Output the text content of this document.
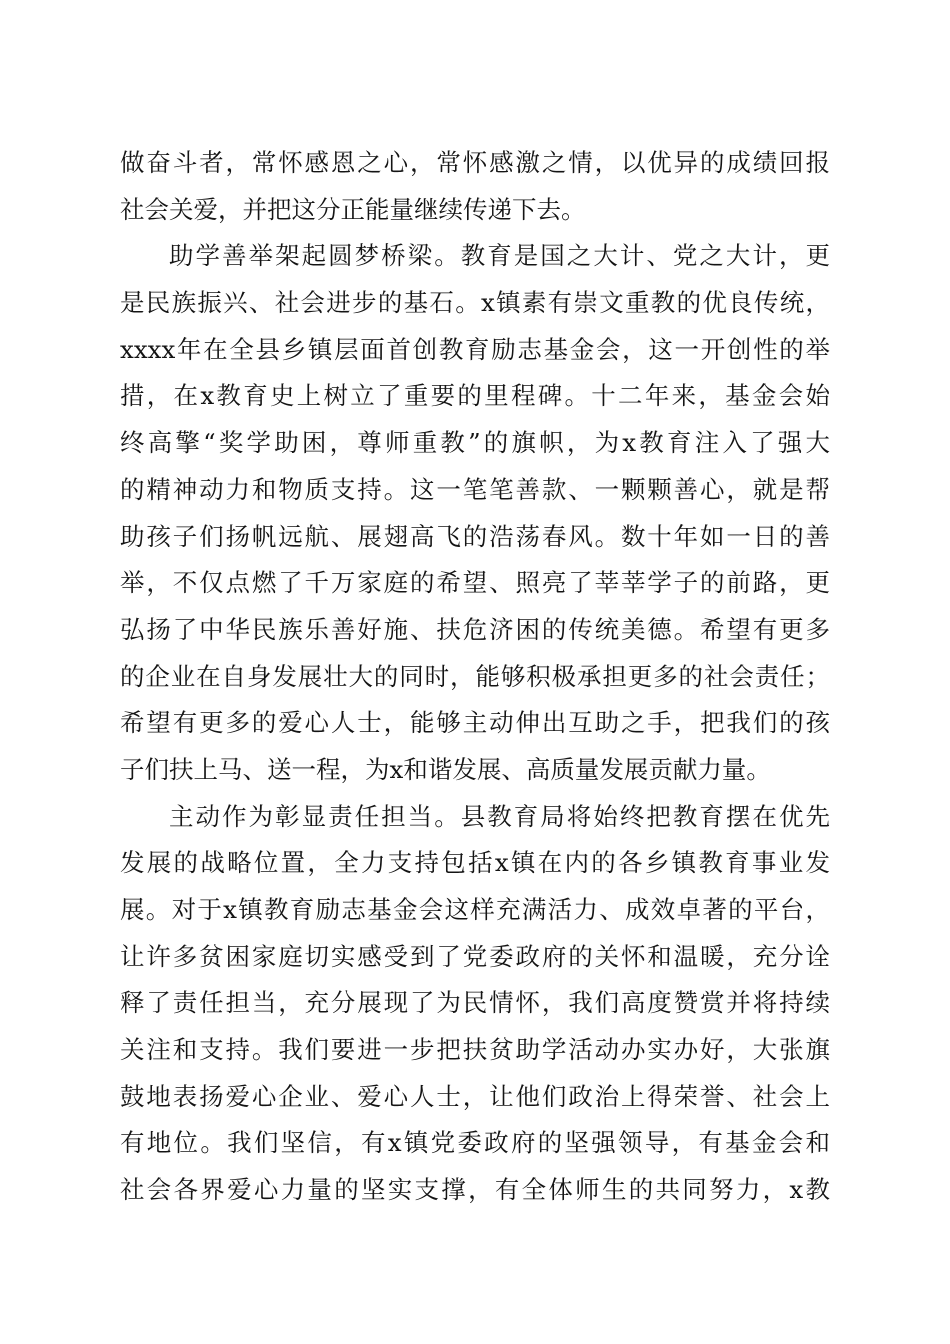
做奋斗者，常怀感恩之心，常怀感激之情，以优异的成绩回报
社会关爱，并把这分正能量继续传递下去。
助学善举架起圆梦桥梁。教育是国之大计、党之大计，更
是民族振兴、社会进步的基石。x镇素有崇文重教的优良传统，
xxxx年在全县乡镇层面首创教育励志基金会，这一开创性的举
措，在x教育史上树立了重要的里程碑。十二年来，基金会始
终高擎“奖学助困，尊师重教”的旗帜，为x教育注入了强大
的精神动力和物质支持。这一笔笔善款、一颗颗善心，就是帮
助孩子们扬帆远航、展翅高飞的浩荡春风。数十年如一日的善
举，不仅点燃了千万家庭的希望、照亮了莘莘学子的前路，更
弘扬了中华民族乐善好施、扶危济困的传统美德。希望有更多
的企业在自身发展壮大的同时，能够积极承担更多的社会责任；
希望有更多的爱心人士，能够主动伸出互助之手，把我们的孩
子们扶上马、送一程，为x和谐发展、高质量发展贡献力量。
主动作为彰显责任担当。县教育局将始终把教育摆在优先
发展的战略位置，全力支持包括x镇在内的各乡镇教育事业发
展。对于x镇教育励志基金会这样充满活力、成效卓著的平台，
让许多贫困家庭切实感受到了党委政府的关怀和温暖，充分诠
释了责任担当，充分展现了为民情怀，我们高度赞赏并将持续
关注和支持。我们要进一步把扶贫助学活动办实办好，大张旗
鼓地表扬爱心企业、爱心人士，让他们政治上得荣誉、社会上
有地位。我们坚信，有x镇党委政府的坚强领导，有基金会和
社会各界爱心力量的坚实支撑，有全体师生的共同努力，x教
